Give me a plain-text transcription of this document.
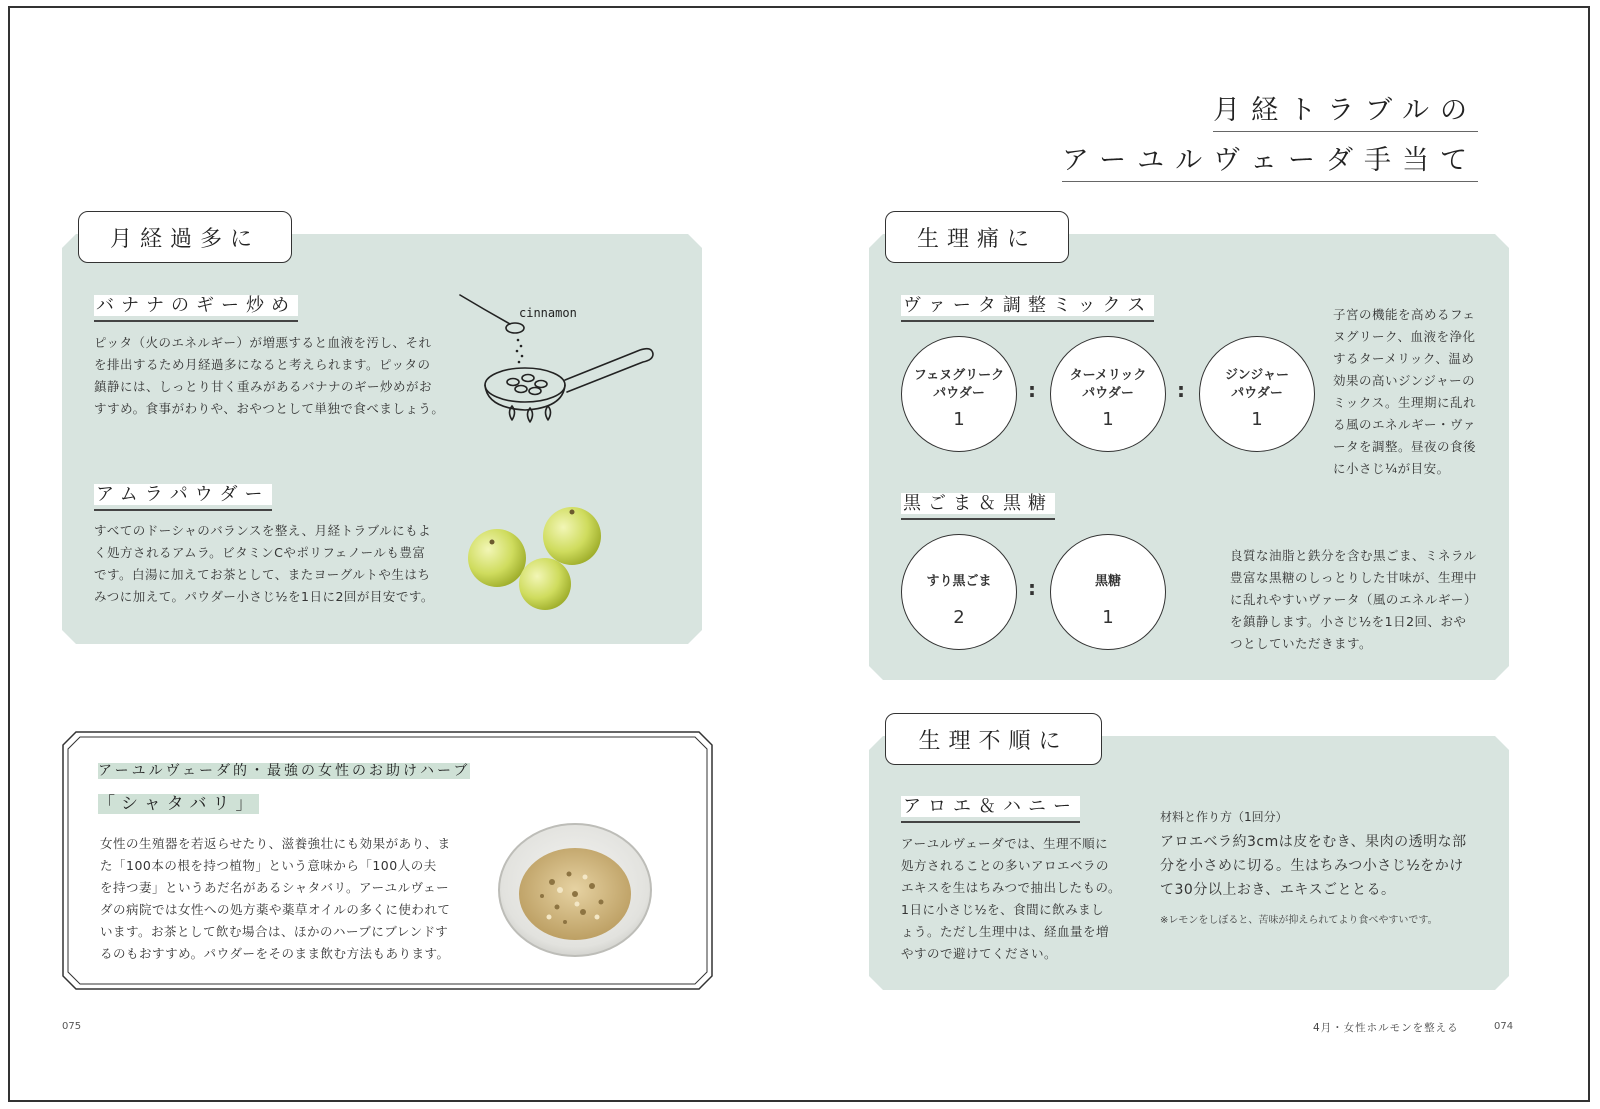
月経トラブルの
アーユルヴェーダ手当て
月経過多に
バナナのギー炒め
ピッタ（火のエネルギー）が増悪すると血液を汚し、それ
を排出するため月経過多になると考えられます。ピッタの
鎮静には、しっとり甘く重みがあるバナナのギー炒めがお
すすめ。食事がわりや、おやつとして単独で食べましょう。
cinnamon
アムラパウダー
すべてのドーシャのバランスを整え、月経トラブルにもよ
く処方されるアムラ。ビタミンCやポリフェノールも豊富
です。白湯に加えてお茶として、またヨーグルトや生はち
みつに加えて。パウダー小さじ½を1日に2回が目安です。
アーユルヴェーダ的・最強の女性のお助けハーブ
「シャタバリ」
女性の生殖器を若返らせたり、滋養強壮にも効果があり、ま
た「100本の根を持つ植物」という意味から「100人の夫
を持つ妻」というあだ名があるシャタバリ。アーユルヴェー
ダの病院では女性への処方薬や薬草オイルの多くに使われて
います。お茶として飲む場合は、ほかのハーブにブレンドす
るのもおすすめ。パウダーをそのまま飲む方法もあります。
075
生理痛に
ヴァータ調整ミックス
フェヌグリーク
パウダー
1
:
ターメリック
パウダー
1
:
ジンジャー
パウダー
1
子宮の機能を高めるフェ
ヌグリーク、血液を浄化
するターメリック、温め
効果の高いジンジャーの
ミックス。生理期に乱れ
る風のエネルギー・ヴァ
ータを調整。昼夜の食後
に小さじ¼が目安。
黒ごま＆黒糖
すり黒ごま
2
:	黒糖
1
良質な油脂と鉄分を含む黒ごま、ミネラル
豊富な黒糖のしっとりした甘味が、生理中
に乱れやすいヴァータ（風のエネルギー）
を鎮静します。小さじ½を1日2回、おや
つとしていただきます。
生理不順に
アロエ＆ハニー
アーユルヴェーダでは、生理不順に
処方されることの多いアロエベラの
エキスを生はちみつで抽出したもの。
1日に小さじ½を、食間に飲みまし
ょう。ただし生理中は、経血量を増
やすので避けてください。
材料と作り方（1回分）
アロエベラ約3cmは皮をむき、果肉の透明な部
分を小さめに切る。生はちみつ小さじ½をかけ
て30分以上おき、エキスごととる。
※レモンをしぼると、苦味が抑えられてより食べやすいです。
4月・女性ホルモンを整える	074
